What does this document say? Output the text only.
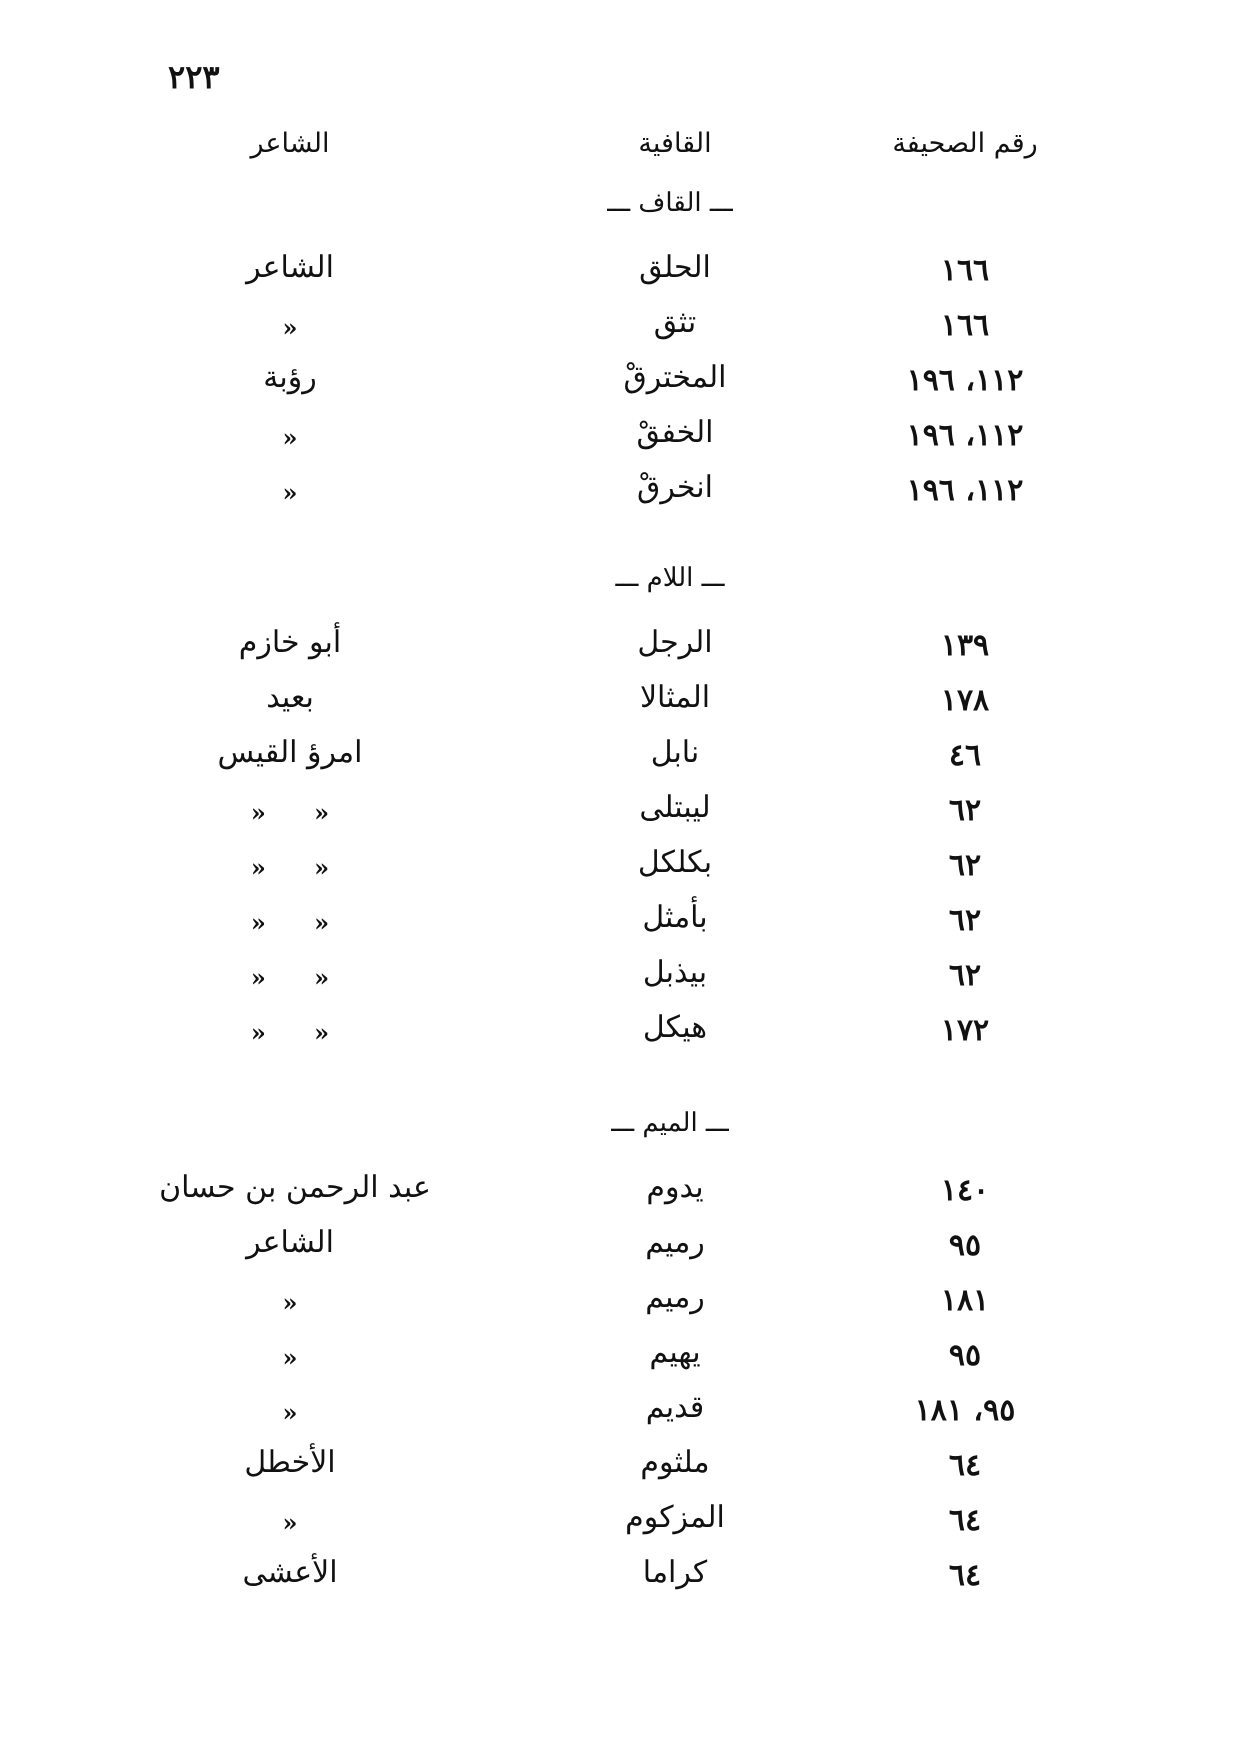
٢٢٣
رقم الصحيفة
القافية
الشاعر
ـــ القاف ـــ
١٦٦
الحلق
الشاعر
١٦٦
تثق
»
١١٢، ١٩٦
المخترقْ
رؤبة
١١٢، ١٩٦
الخفقْ
»
١١٢، ١٩٦
انخرقْ
»
ـــ اللام ـــ
١٣٩
الرجل
أبو خازم
١٧٨
المثالا
بعيد
٤٦
نابل
امرؤ القيس
٦٢
ليبتلى
» »
٦٢
بكلكل
» »
٦٢
بأمثل
» »
٦٢
بيذبل
» »
١٧٢
هيكل
» »
ـــ الميم ـــ
١٤٠
يدوم
عبد الرحمن بن حسان
٩٥
رميم
الشاعر
١٨١
رميم
»
٩٥
يهيم
»
٩٥، ١٨١
قديم
»
٦٤
ملثوم
الأخطل
٦٤
المزكوم
»
٦٤
كراما
الأعشى
